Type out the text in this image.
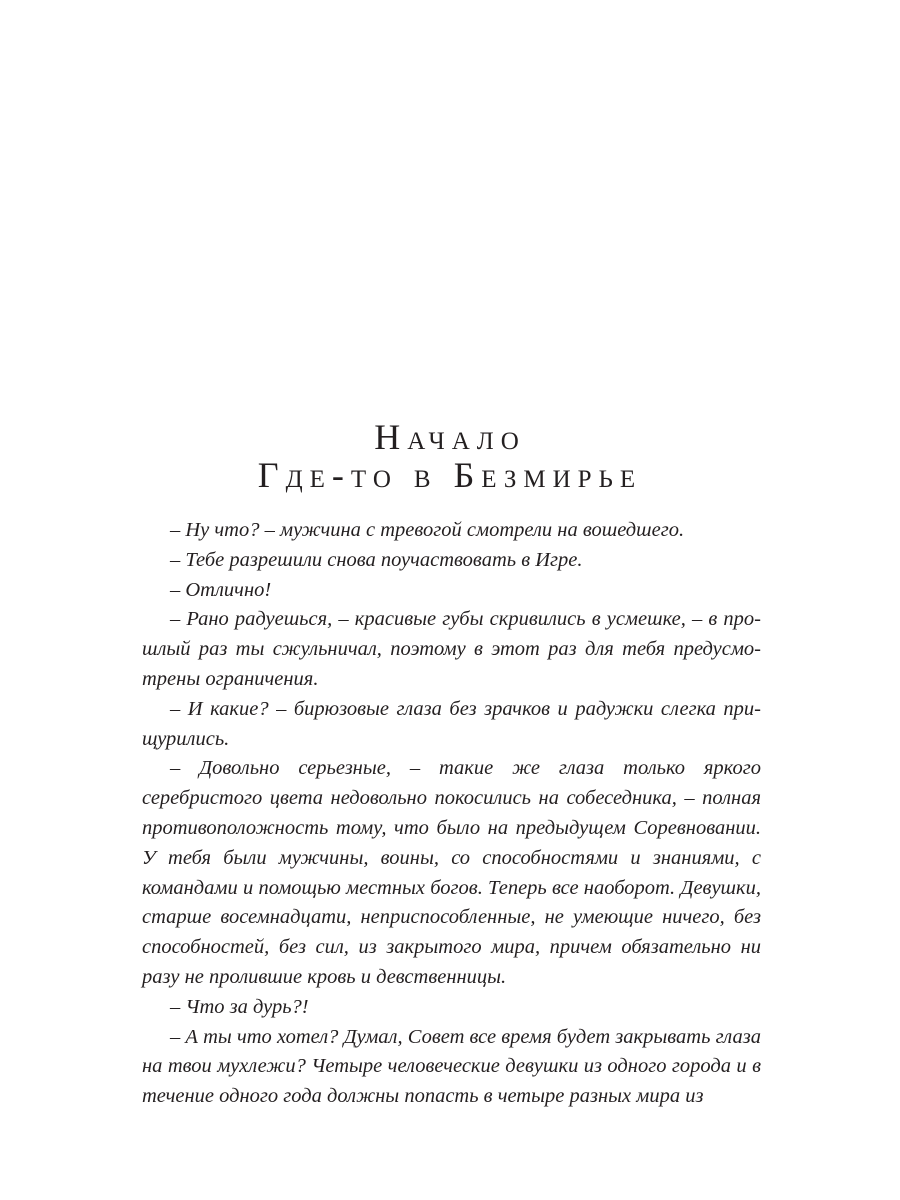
Начало
Где-то в Безмирье

– Ну что? – мужчина с тревогой смотрели на вошедшего.

– Тебе разрешили снова поучаствовать в Игре.

– Отлично!

– Рано радуешься, – красивые губы скривились в усмешке, – в прошлый раз ты сжульничал, поэтому в этот раз для тебя предусмотрены ограничения.

– И какие? – бирюзовые глаза без зрачков и радужки слегка прищурились.

– Довольно серьезные, – такие же глаза только яркого серебристого цвета недовольно покосились на собеседника, – полная противоположность тому, что было на предыдущем Соревновании. У тебя были мужчины, воины, со способностями и знаниями, с командами и помощью местных богов. Теперь все наоборот. Девушки, старше восемнадцати, неприспособленные, не умеющие ничего, без способностей, без сил, из закрытого мира, причем обязательно ни разу не пролившие кровь и девственницы.

– Что за дурь?!

– А ты что хотел? Думал, Совет все время будет закрывать глаза на твои мухлежи? Четыре человеческие девушки из одного города и в течение одного года должны попасть в четыре разных мира из
